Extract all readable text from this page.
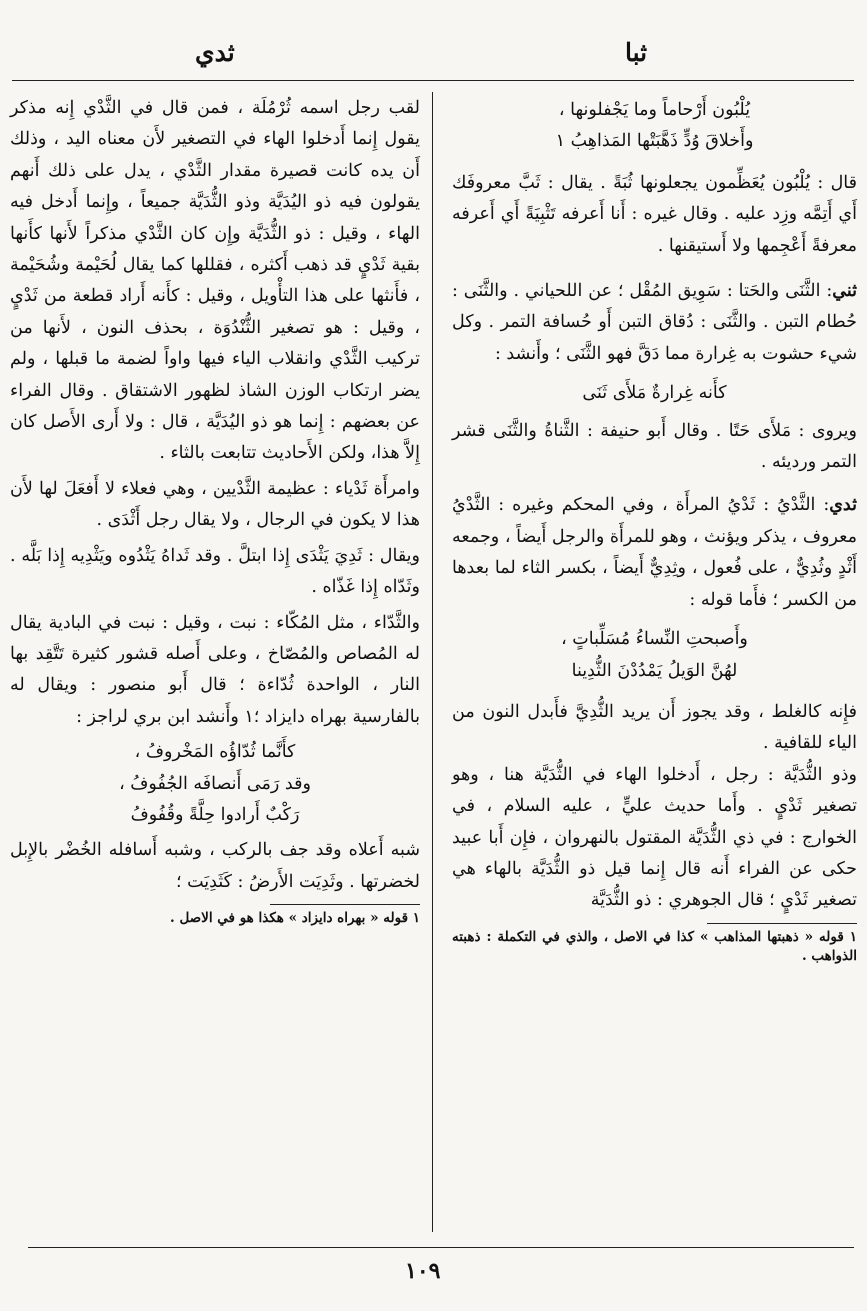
ثبا
ثدي

يُلْبُون أَرْحاماً وما يَجْفلونها ،

وأَخلاقَ وُدٍّ ذَهَّبَتْها المَذاهِبُ ١

قال : يُلْبُون يُعَظِّمون يجعلونها ثُبَةً . يقال : ثَبَّ معروفَك أَي أَتِمَّه وزِد عليه . وقال غيره : أَنا أَعرفه تَثْبِيَةً أَي أَعرفه معرفةً أَعْجِمها ولا أَستيقنها .

ثني: الثَّنَى والحَتا : سَوِيق المُقْل ؛ عن اللحياني . والثَّنَى : حُطام التبن . والثَّنَى : دُقاق التبن أَو حُسافة التمر . وكل شيء حشوت به غِرارة مما دَقَّ فهو الثَّنَى ؛ وأَنشد :

كأَنه غِرارةٌ مَلأَى ثَنَى

ويروى : مَلأَى حَتًا . وقال أَبو حنيفة : الثَّناةُ والثَّنَى قشر التمر ورديئه .

ثدي: الثَّدْيُ : ثَدْيُ المرأَة ، وفي المحكم وغيره : الثَّدْيُ معروف ، يذكر ويؤنث ، وهو للمرأَة والرجل أَيضاً ، وجمعه أَثْدٍ وثُدِيٌّ ، على فُعول ، وثِدِيٌّ أَيضاً ، بكسر الثاء لما بعدها من الكسر ؛ فأَما قوله :

وأَصبحتِ النِّساءُ مُسَلِّباتٍ ،

لهُنَّ الوَيلُ يَمْدُدْنَ الثُّدِينا

فإِنه كالغلط ، وقد يجوز أَن يريد الثُّدِيَّ فأَبدل النون من الياء للقافية .

وذو الثُّدَيَّة : رجل ، أَدخلوا الهاء في الثُّدَيَّة هنا ، وهو تصغير ثَدْيٍ . وأَما حديث عليٍّ ، عليه السلام ، في الخوارج : في ذي الثُّدَيَّة المقتول بالنهروان ، فإِن أَبا عبيد حكى عن الفراء أَنه قال إِنما قيل ذو الثُّدَيَّة بالهاء هي تصغير ثَدْيٍ ؛ قال الجوهري : ذو الثُّدَيَّة

١ قوله « ذهبتها المذاهب » كذا في الاصل ، والذي في التكملة : ذهبته الذواهب .

لقب رجل اسمه ثُرْمُلَة ، فمن قال في الثَّدْي إِنه مذكر يقول إِنما أَدخلوا الهاء في التصغير لأَن معناه اليد ، وذلك أَن يده كانت قصيرة مقدار الثَّدْي ، يدل على ذلك أَنهم يقولون فيه ذو اليُدَيَّة وذو الثُّدَيَّة جميعاً ، وإِنما أَدخل فيه الهاء ، وقيل : ذو الثُّدَيَّة وإِن كان الثَّدْي مذكراً لأَنها كأَنها بقية ثَدْيٍ قد ذهب أَكثره ، فقللها كما يقال لُحَيْمة وشُحَيْمة ، فأَنثها على هذا التأْويل ، وقيل : كأَنه أَراد قطعة من ثَدْيٍ ، وقيل : هو تصغير الثُّنْدُوَة ، بحذف النون ، لأَنها من تركيب الثَّدْي وانقلاب الياء فيها واواً لضمة ما قبلها ، ولم يضر ارتكاب الوزن الشاذ لظهور الاشتقاق . وقال الفراء عن بعضهم : إِنما هو ذو اليُدَيَّة ، قال : ولا أَرى الأَصل كان إِلاَّ هذا، ولكن الأَحاديث تتابعت بالثاء .

وامرأَة ثَدْياء : عظيمة الثَّدْيين ، وهي فعلاء لا أَفعَلَ لها لأَن هذا لا يكون في الرجال ، ولا يقال رجل أَثْدَى .

ويقال : ثَدِيَ يَثْدَى إِذا ابتلَّ . وقد ثَداهُ يَثْدُوه ويَثْدِيه إِذا بَلَّه . وثَدّاه إِذا غَذّاه .

والثَّدّاء ، مثل المُكّاء : نبت ، وقيل : نبت في البادية يقال له المُصاص والمُصّاخ ، وعلى أَصله قشور كثيرة تَتَّقِد بها النار ، الواحدة ثُدّاءة ؛ قال أَبو منصور : ويقال له بالفارسية بهراه دايزاد ؛١ وأَنشد ابن بري لراجز :

كأَنَّما ثُدّاؤُه المَخْروفُ ،

وقد رَمَى أَنصافَه الجُفُوفُ ،

رَكْبٌ أَرادوا حِلَّةً وقُفُوفُ

شبه أَعلاه وقد جف بالركب ، وشبه أَسافله الخُضْر بالإِبل لخضرتها . وثَدِيَت الأَرضُ : كَثَدِيَت ؛

١ قوله « بهراه دايزاد » هكذا هو في الاصل .

١٠٩
